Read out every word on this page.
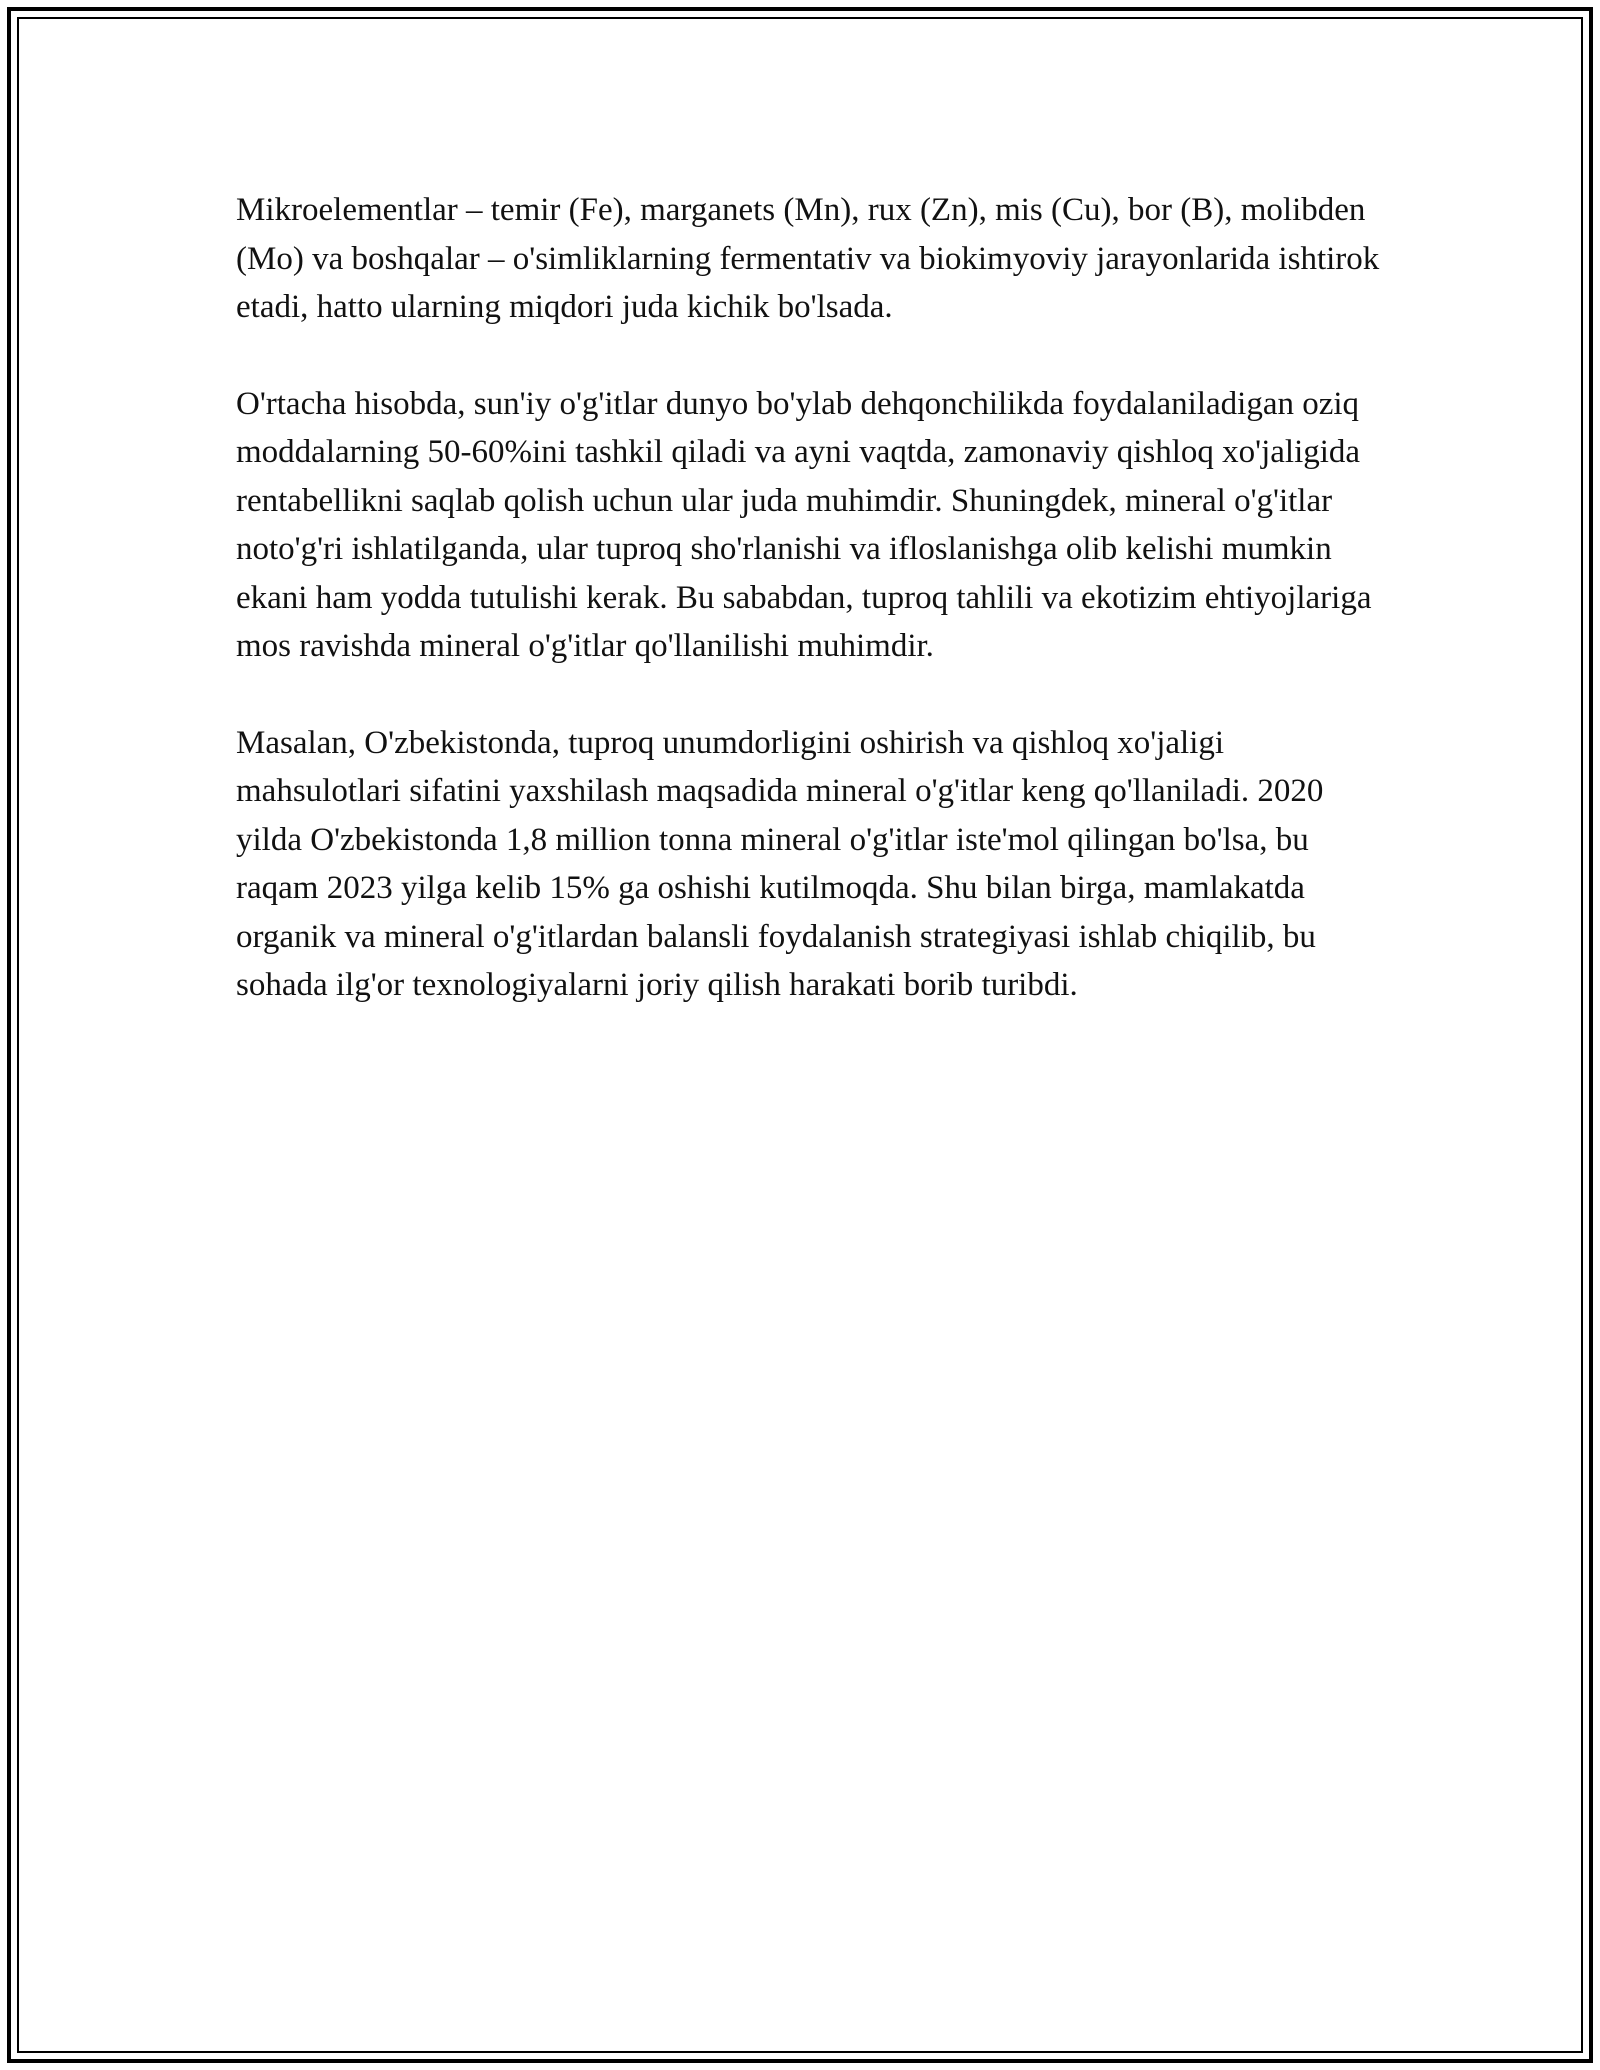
Mikroelementlar – temir (Fe), marganets (Mn), rux (Zn), mis (Cu), bor (B), molibden (Mo) va boshqalar – o'simliklarning fermentativ va biokimyoviy jarayonlarida ishtirok etadi, hatto ularning miqdori juda kichik bo'lsada.

O'rtacha hisobda, sun'iy o'g'itlar dunyo bo'ylab dehqonchilikda foydalaniladigan oziq moddalarning 50-60%ini tashkil qiladi va ayni vaqtda, zamonaviy qishloq xo'jaligida rentabellikni saqlab qolish uchun ular juda muhimdir. Shuningdek, mineral o'g'itlar noto'g'ri ishlatilganda, ular tuproq sho'rlanishi va ifloslanishga olib kelishi mumkin ekani ham yodda tutulishi kerak. Bu sababdan, tuproq tahlili va ekotizim ehtiyojlariga mos ravishda mineral o'g'itlar qo'llanilishi muhimdir.

Masalan, O'zbekistonda, tuproq unumdorligini oshirish va qishloq xo'jaligi mahsulotlari sifatini yaxshilash maqsadida mineral o'g'itlar keng qo'llaniladi. 2020 yilda O'zbekistonda 1,8 million tonna mineral o'g'itlar iste'mol qilingan bo'lsa, bu raqam 2023 yilga kelib 15% ga oshishi kutilmoqda. Shu bilan birga, mamlakatda organik va mineral o'g'itlardan balansli foydalanish strategiyasi ishlab chiqilib, bu sohada ilg'or texnologiyalarni joriy qilish harakati borib turibdi.
